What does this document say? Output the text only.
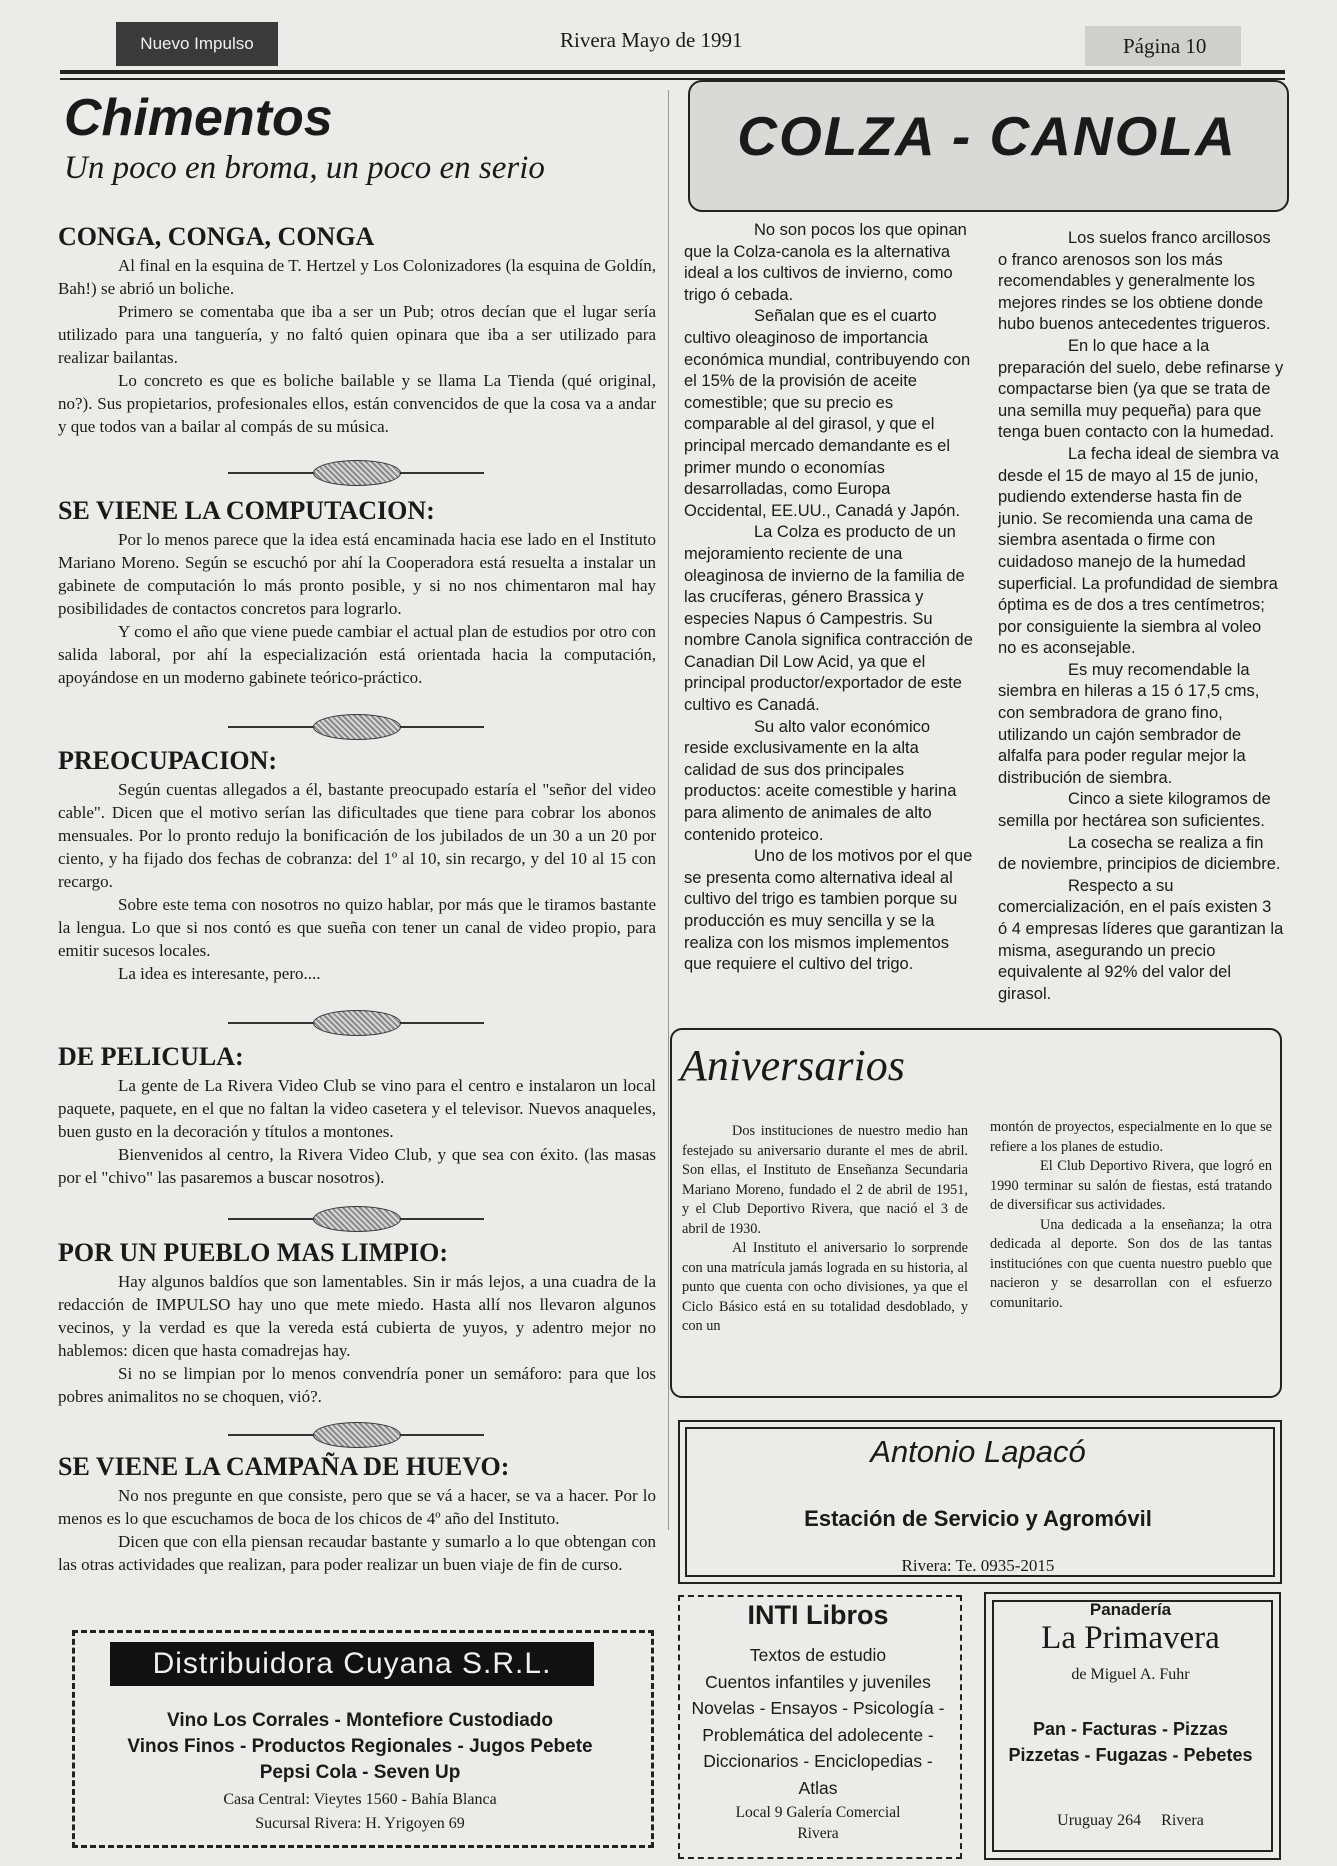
Nuevo Impulso	Rivera Mayo de 1991	Página 10
Chimentos
Un poco en broma, un poco en serio
CONGA, CONGA, CONGA

Al final en la esquina de T. Hertzel y Los Colonizadores (la esquina de Goldín, Bah!) se abrió un boliche.

Primero se comentaba que iba a ser un Pub; otros decían que el lugar sería utilizado para una tanguería, y no faltó quien opinara que iba a ser utilizado para realizar bailantas.

Lo concreto es que es boliche bailable y se llama La Tienda (qué original, no?). Sus propietarios, profesionales ellos, están convencidos de que la cosa va a andar y que todos van a bailar al compás de su música.

SE VIENE LA COMPUTACION:

Por lo menos parece que la idea está encaminada hacia ese lado en el Instituto Mariano Moreno. Según se escuchó por ahí la Cooperadora está resuelta a instalar un gabinete de computación lo más pronto posible, y si no nos chimentaron mal hay posibilidades de contactos concretos para lograrlo.

Y como el año que viene puede cambiar el actual plan de estudios por otro con salida laboral, por ahí la especialización está orientada hacia la computación, apoyándose en un moderno gabinete teórico-práctico.

PREOCUPACION:

Según cuentas allegados a él, bastante preocupado estaría el "señor del video cable". Dicen que el motivo serían las dificultades que tiene para cobrar los abonos mensuales. Por lo pronto redujo la bonificación de los jubilados de un 30 a un 20 por ciento, y ha fijado dos fechas de cobranza: del 1º al 10, sin recargo, y del 10 al 15 con recargo.

Sobre este tema con nosotros no quizo hablar, por más que le tiramos bastante la lengua. Lo que si nos contó es que sueña con tener un canal de video propio, para emitir sucesos locales.

La idea es interesante, pero....

DE PELICULA:

La gente de La Rivera Video Club se vino para el centro e instalaron un local paquete, paquete, en el que no faltan la video casetera y el televisor. Nuevos anaqueles, buen gusto en la decoración y títulos a montones.

Bienvenidos al centro, la Rivera Video Club, y que sea con éxito. (las masas por el "chivo" las pasaremos a buscar nosotros).

POR UN PUEBLO MAS LIMPIO:

Hay algunos baldíos que son lamentables. Sin ir más lejos, a una cuadra de la redacción de IMPULSO hay uno que mete miedo. Hasta allí nos llevaron algunos vecinos, y la verdad es que la vereda está cubierta de yuyos, y adentro mejor no hablemos: dicen que hasta comadrejas hay.

Si no se limpian por lo menos convendría poner un semáforo: para que los pobres animalitos no se choquen, vió?.

SE VIENE LA CAMPAÑA DE HUEVO:

No nos pregunte en que consiste, pero que se vá a hacer, se va a hacer. Por lo menos es lo que escuchamos de boca de los chicos de 4º año del Instituto.

Dicen que con ella piensan recaudar bastante y sumarlo a lo que obtengan con las otras actividades que realizan, para poder realizar un buen viaje de fin de curso.

Distribuidora Cuyana S.R.L.
Vino Los Corrales - Montefiore Custodiado
Vinos Finos - Productos Regionales - Jugos Pebete
Pepsi Cola - Seven Up
Casa Central: Vieytes 1560 - Bahía Blanca
Sucursal Rivera: H. Yrigoyen 69
COLZA - CANOLA

No son pocos los que opinan que la Colza-canola es la alternativa ideal a los cultivos de invierno, como trigo ó cebada.

Señalan que es el cuarto cultivo oleaginoso de importancia económica mundial, contribuyendo con el 15% de la provisión de aceite comestible; que su precio es comparable al del girasol, y que el principal mercado demandante es el primer mundo o economías desarrolladas, como Europa Occidental, EE.UU., Canadá y Japón.

La Colza es producto de un mejoramiento reciente de una oleaginosa de invierno de la familia de las crucíferas, género Brassica y especies Napus ó Campestris. Su nombre Canola significa contracción de Canadian Dil Low Acid, ya que el principal productor/exportador de este cultivo es Canadá.

Su alto valor económico reside exclusivamente en la alta calidad de sus dos principales productos: aceite comestible y harina para alimento de animales de alto contenido proteico.

Uno de los motivos por el que se presenta como alternativa ideal al cultivo del trigo es tambien porque su producción es muy sencilla y se la realiza con los mismos implementos que requiere el cultivo del trigo.

Los suelos franco arcillosos o franco arenosos son los más recomendables y generalmente los mejores rindes se los obtiene donde hubo buenos antecedentes trigueros.

En lo que hace a la preparación del suelo, debe refinarse y compactarse bien (ya que se trata de una semilla muy pequeña) para que tenga buen contacto con la humedad.

La fecha ideal de siembra va desde el 15 de mayo al 15 de junio, pudiendo extenderse hasta fin de junio. Se recomienda una cama de siembra asentada o firme con cuidadoso manejo de la humedad superficial. La profundidad de siembra óptima es de dos a tres centímetros; por consiguiente la siembra al voleo no es aconsejable.

Es muy recomendable la siembra en hileras a 15 ó 17,5 cms, con sembradora de grano fino, utilizando un cajón sembrador de alfalfa para poder regular mejor la distribución de siembra.

Cinco a siete kilogramos de semilla por hectárea son suficientes.

La cosecha se realiza a fin de noviembre, principios de diciembre.

Respecto a su comercialización, en el país existen 3 ó 4 empresas líderes que garantizan la misma, asegurando un precio equivalente al 92% del valor del girasol.

Aniversarios

Dos instituciones de nuestro medio han festejado su aniversario durante el mes de abril. Son ellas, el Instituto de Enseñanza Secundaria Mariano Moreno, fundado el 2 de abril de 1951, y el Club Deportivo Rivera, que nació el 3 de abril de 1930.

Al Instituto el aniversario lo sorprende con una matrícula jamás lograda en su historia, al punto que cuenta con ocho divisiones, ya que el Ciclo Básico está en su totalidad desdoblado, y con un

montón de proyectos, especialmente en lo que se refiere a los planes de estudio.

El Club Deportivo Rivera, que logró en 1990 terminar su salón de fiestas, está tratando de diversificar sus actividades.

Una dedicada a la enseñanza; la otra dedicada al deporte. Son dos de las tantas instituciónes con que cuenta nuestro pueblo que nacieron y se desarrollan con el esfuerzo comunitario.

Antonio Lapacó
Estación de Servicio y Agromóvil
Rivera: Te. 0935-2015
INTI Libros
Textos de estudio
Cuentos infantiles y juveniles
Novelas - Ensayos - Psicología -
Problemática del adolecente -
Diccionarios - Enciclopedias -
Atlas
Local 9 Galería Comercial
Rivera
Panadería
La Primavera
de Miguel A. Fuhr
Pan - Facturas - Pizzas
Pizzetas - Fugazas - Pebetes
Uruguay 264     Rivera
